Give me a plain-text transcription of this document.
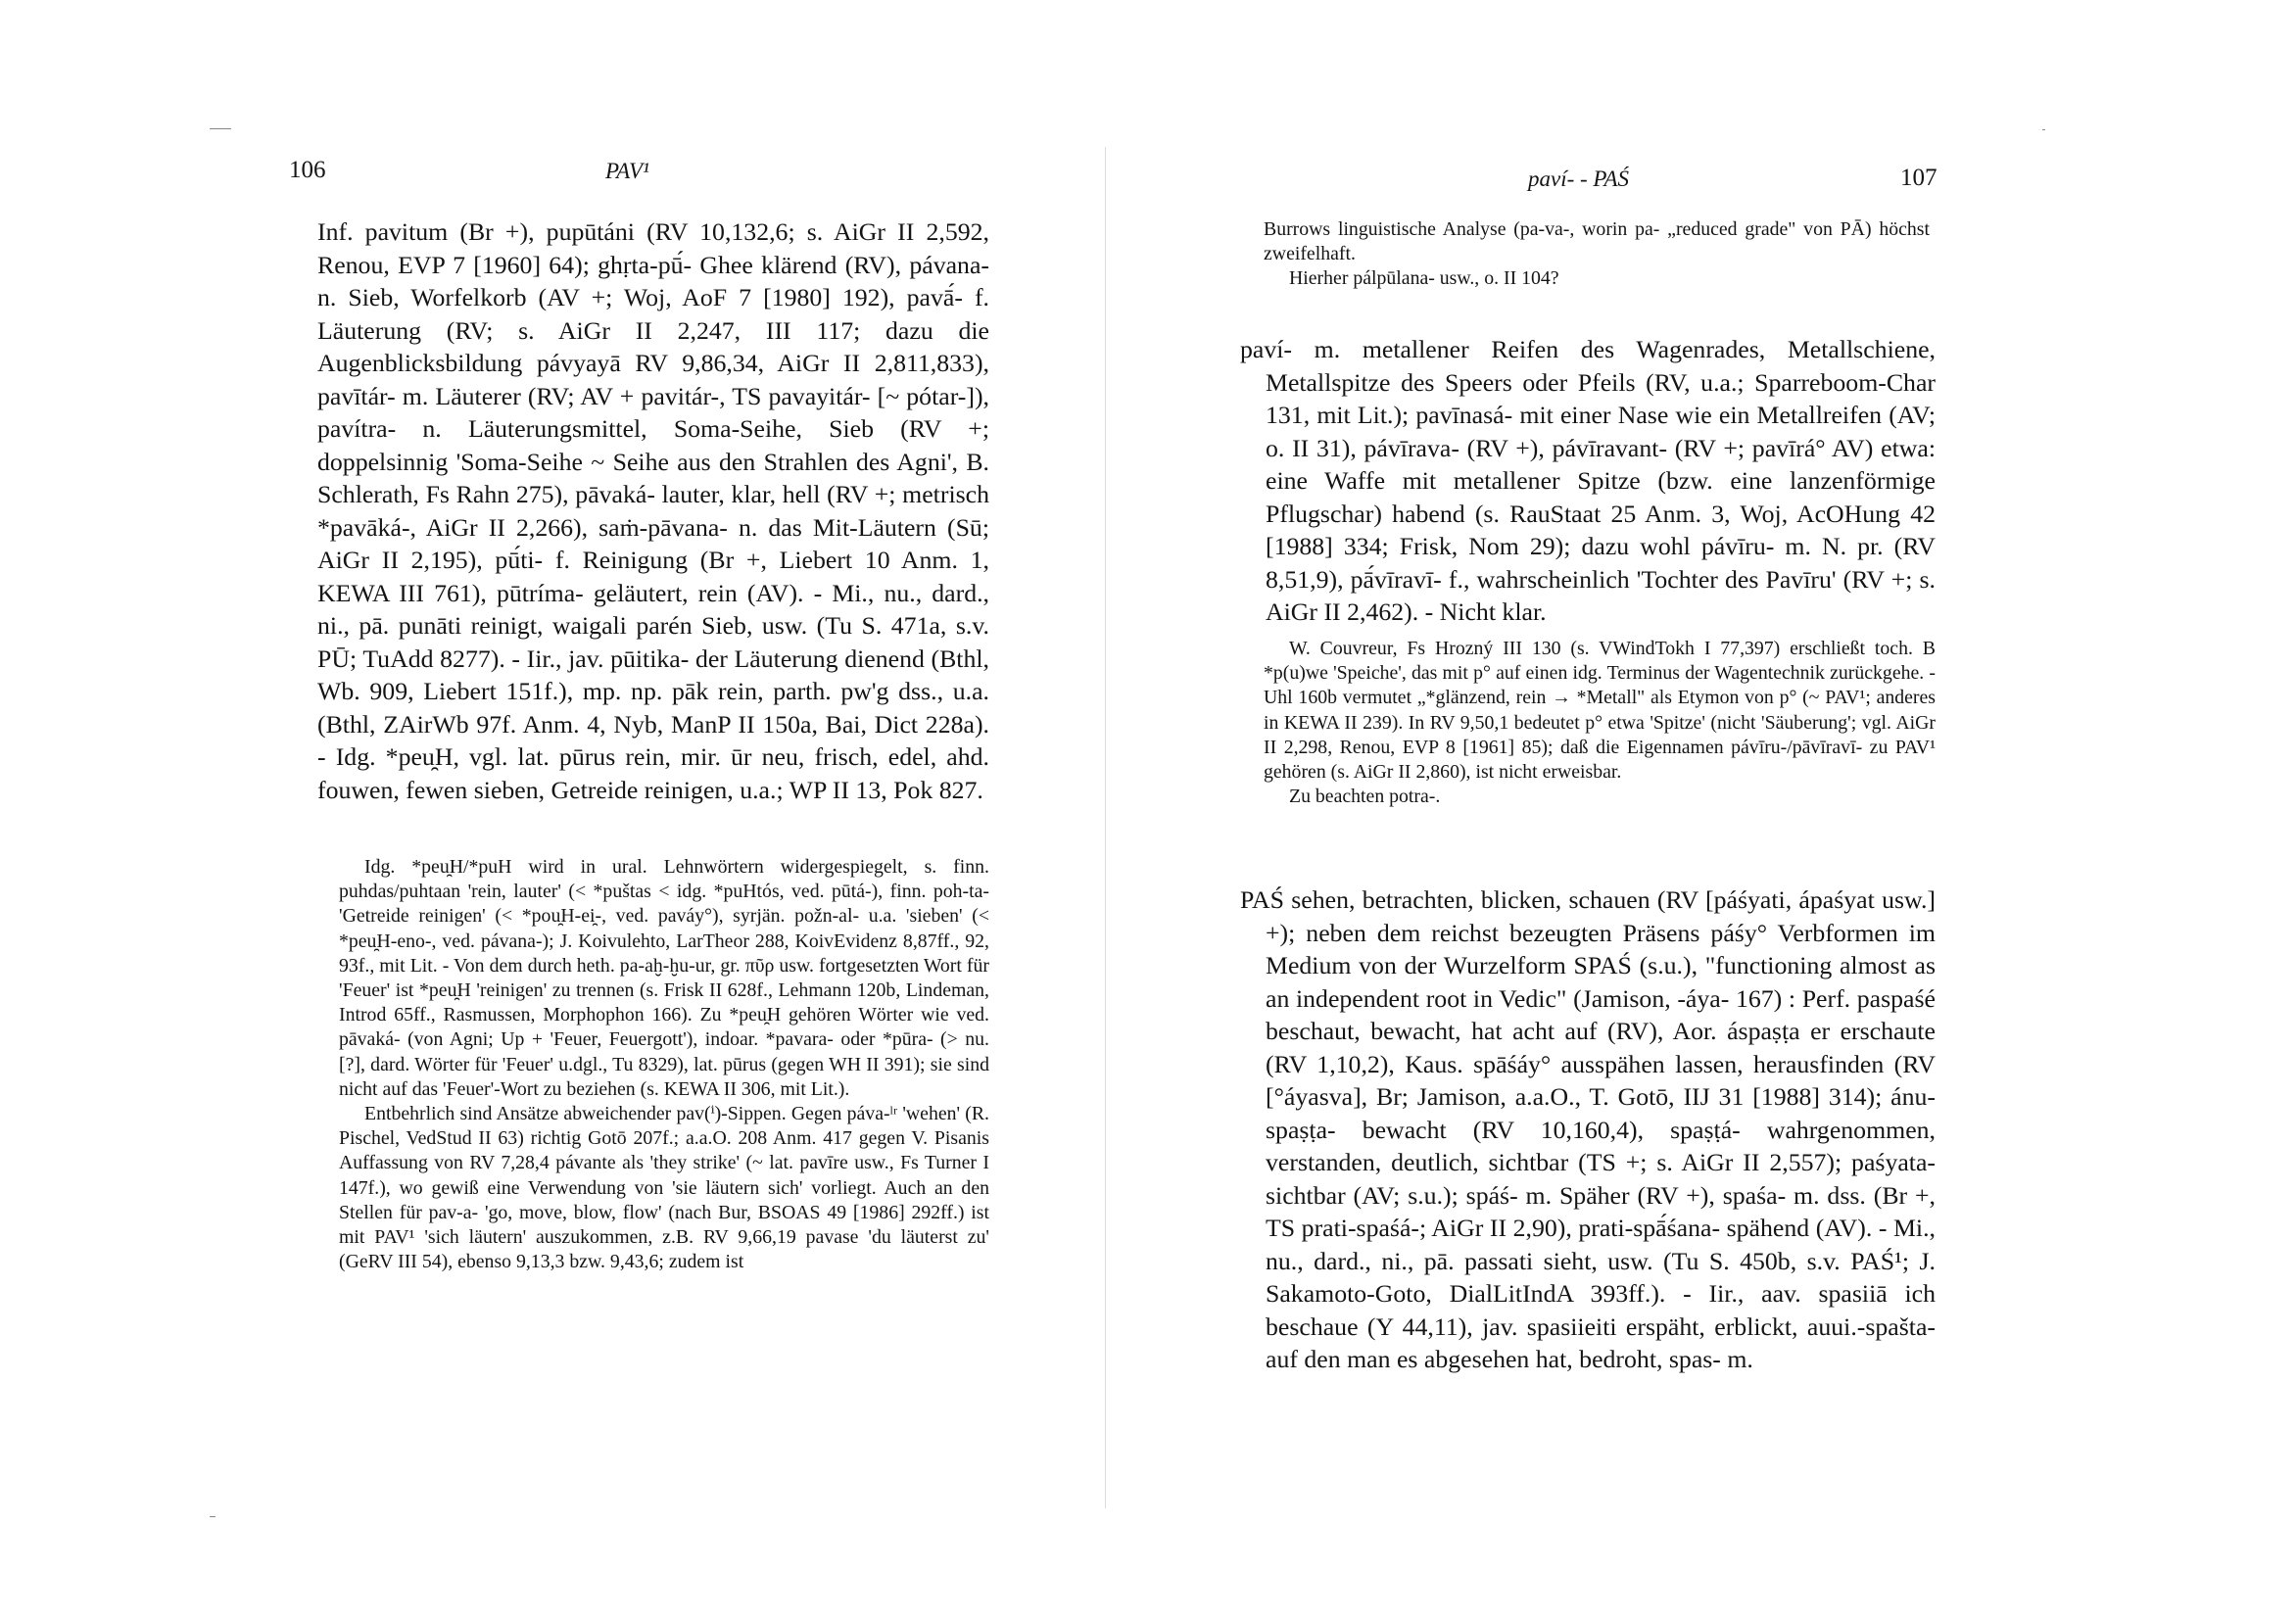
106	PAV¹

Inf. pavitum (Br +), pupūtáni (RV 10,132,6; s. AiGr II 2,592, Renou, EVP 7 [1960] 64); ghṛta-pū́- Ghee klärend (RV), pávana- n. Sieb, Worfelkorb (AV +; Woj, AoF 7 [1980] 192), pavā́- f. Läuterung (RV; s. AiGr II 2,247, III 117; dazu die Augenblicksbildung pávyayā RV 9,86,34, AiGr II 2,811,833), pavītár- m. Läuterer (RV; AV + pavitár-, TS pavayitár- [~ pótar-]), pavítra- n. Läuterungsmittel, Soma-Seihe, Sieb (RV +; doppelsinnig 'Soma-Seihe ~ Seihe aus den Strahlen des Agni', B. Schlerath, Fs Rahn 275), pāvaká- lauter, klar, hell (RV +; metrisch *pavāká-, AiGr II 2,266), saṁ-pāvana- n. das Mit-Läutern (Sū; AiGr II 2,195), pū́ti- f. Reinigung (Br +, Liebert 10 Anm. 1, KEWA III 761), pūtríma- geläutert, rein (AV). - Mi., nu., dard., ni., pā. punāti reinigt, waigali parén Sieb, usw. (Tu S. 471a, s.v. PŪ; TuAdd 8277). - Iir., jav. pūitika- der Läuterung dienend (Bthl, Wb. 909, Liebert 151f.), mp. np. pāk rein, parth. pw'g dss., u.a. (Bthl, ZAirWb 97f. Anm. 4, Nyb, ManP II 150a, Bai, Dict 228a). - Idg. *peu̯H, vgl. lat. pūrus rein, mir. ūr neu, frisch, edel, ahd. fouwen, fewen sieben, Getreide reinigen, u.a.; WP II 13, Pok 827.

Idg. *peu̯H/*puH wird in ural. Lehnwörtern widergespiegelt, s. finn. puhdas/puhtaan 'rein, lauter' (< *puštas < idg. *puHtós, ved. pūtá-), finn. poh-ta- 'Getreide reinigen' (< *pou̯H-ei̯-, ved. paváy°), syrjän. požn-al- u.a. 'sieben' (< *peu̯H-eno-, ved. pávana-); J. Koivulehto, LarTheor 288, KoivEvidenz 8,87ff., 92, 93f., mit Lit. - Von dem durch heth. pa-aḫ-ḫu-ur, gr. πῦρ usw. fortgesetzten Wort für 'Feuer' ist *peu̯H 'reinigen' zu trennen (s. Frisk II 628f., Lehmann 120b, Lindeman, Introd 65ff., Rasmussen, Morphophon 166). Zu *peu̯H gehören Wörter wie ved. pāvaká- (von Agni; Up + 'Feuer, Feuergott'), indoar. *pavara- oder *pūra- (> nu. [?], dard. Wörter für 'Feuer' u.dgl., Tu 8329), lat. pūrus (gegen WH II 391); sie sind nicht auf das 'Feuer'-Wort zu beziehen (s. KEWA II 306, mit Lit.).

Entbehrlich sind Ansätze abweichender pav(ⁱ)-Sippen. Gegen páva-ˡʳ 'wehen' (R. Pischel, VedStud II 63) richtig Gotō 207f.; a.a.O. 208 Anm. 417 gegen V. Pisanis Auffassung von RV 7,28,4 pávante als 'they strike' (~ lat. pavīre usw., Fs Turner I 147f.), wo gewiß eine Verwendung von 'sie läutern sich' vorliegt. Auch an den Stellen für pav-a- 'go, move, blow, flow' (nach Bur, BSOAS 49 [1986] 292ff.) ist mit PAV¹ 'sich läutern' auszukommen, z.B. RV 9,66,19 pavase 'du läuterst zu' (GeRV III 54), ebenso 9,13,3 bzw. 9,43,6; zudem ist

paví- - PAŚ	107

Burrows linguistische Analyse (pa-va-, worin pa- „reduced grade" von PĀ) höchst zweifelhaft.

Hierher pálpūlana- usw., o. II 104?

paví- m. metallener Reifen des Wagenrades, Metallschiene, Metallspitze des Speers oder Pfeils (RV, u.a.; Sparreboom-Char 131, mit Lit.); pavīnasá- mit einer Nase wie ein Metallreifen (AV; o. II 31), pávīrava- (RV +), pávīravant- (RV +; pavīrá° AV) etwa: eine Waffe mit metallener Spitze (bzw. eine lanzenförmige Pflugschar) habend (s. RauStaat 25 Anm. 3, Woj, AcOHung 42 [1988] 334; Frisk, Nom 29); dazu wohl pávīru- m. N. pr. (RV 8,51,9), pā́vīravī- f., wahrscheinlich 'Tochter des Pavīru' (RV +; s. AiGr II 2,462). - Nicht klar.

W. Couvreur, Fs Hrozný III 130 (s. VWindTokh I 77,397) erschließt toch. B *p(u)we 'Speiche', das mit p° auf einen idg. Terminus der Wagentechnik zurückgehe. - Uhl 160b vermutet „*glänzend, rein → *Metall" als Etymon von p° (~ PAV¹; anderes in KEWA II 239). In RV 9,50,1 bedeutet p° etwa 'Spitze' (nicht 'Säuberung'; vgl. AiGr II 2,298, Renou, EVP 8 [1961] 85); daß die Eigennamen pávīru-/pāvīravī- zu PAV¹ gehören (s. AiGr II 2,860), ist nicht erweisbar.

Zu beachten potra-.

PAŚ sehen, betrachten, blicken, schauen (RV [páśyati, ápaśyat usw.] +); neben dem reichst bezeugten Präsens páśy° Verbformen im Medium von der Wurzelform SPAŚ (s.u.), "functioning almost as an independent root in Vedic" (Jamison, -áya- 167) : Perf. paspaśé beschaut, bewacht, hat acht auf (RV), Aor. áspaṣṭa er erschaute (RV 1,10,2), Kaus. spāśáy° ausspähen lassen, herausfinden (RV [°áyasva], Br; Jamison, a.a.O., T. Gotō, IIJ 31 [1988] 314); ánu-spaṣṭa- bewacht (RV 10,160,4), spaṣṭá- wahrgenommen, verstanden, deutlich, sichtbar (TS +; s. AiGr II 2,557); paśyata- sichtbar (AV; s.u.); spáś- m. Späher (RV +), spaśa- m. dss. (Br +, TS prati-spaśá-; AiGr II 2,90), prati-spā́śana- spähend (AV). - Mi., nu., dard., ni., pā. passati sieht, usw. (Tu S. 450b, s.v. PAŚ¹; J. Sakamoto-Goto, DialLitIndA 393ff.). - Iir., aav. spasiiā ich beschaue (Y 44,11), jav. spasiieiti erspäht, erblickt, auui.-spašta- auf den man es abgesehen hat, bedroht, spas- m.
